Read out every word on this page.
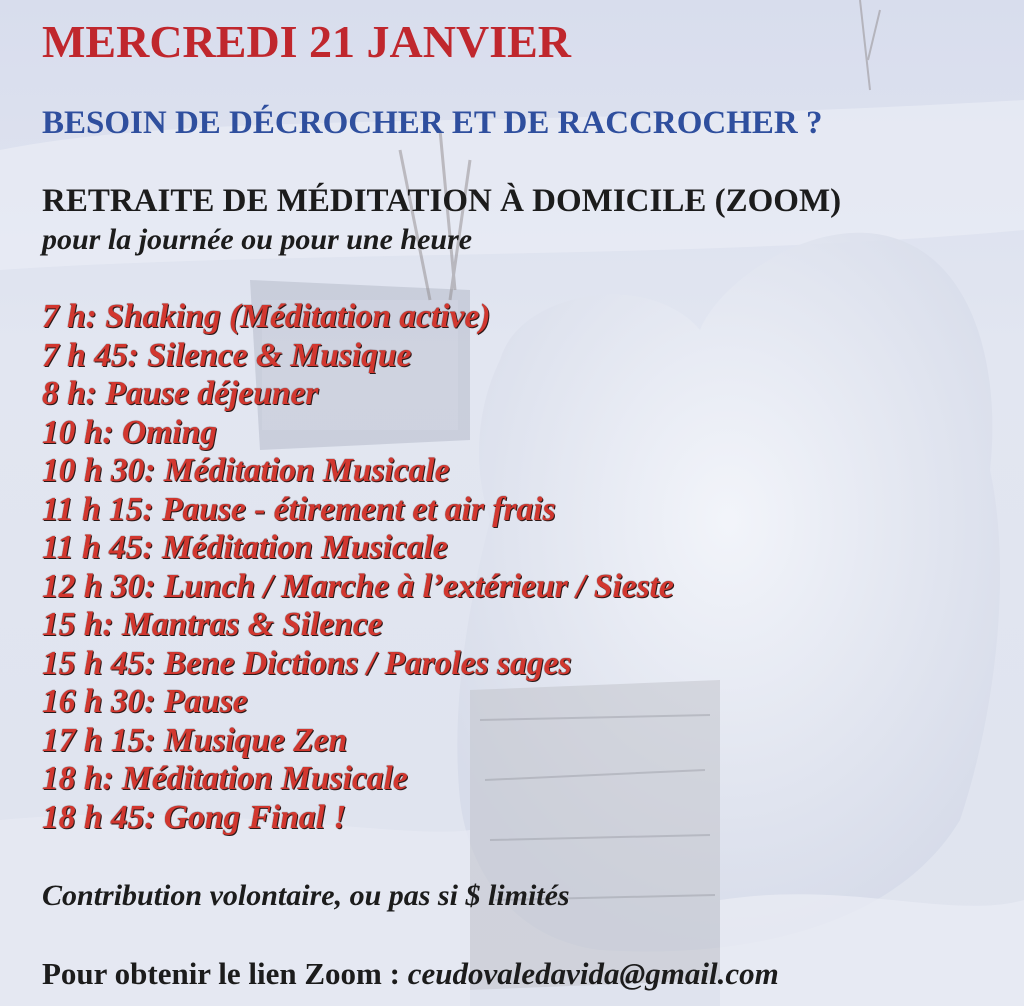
MERCREDI 21 JANVIER
BESOIN DE DÉCROCHER ET DE RACCROCHER ?
RETRAITE DE MÉDITATION À DOMICILE (ZOOM)

pour la journée ou pour une heure

7 h: Shaking (Méditation active)
7 h 45: Silence & Musique
8 h: Pause déjeuner
10 h: Oming
10 h 30: Méditation Musicale
11 h 15: Pause - étirement et air frais
11 h 45: Méditation Musicale
12 h 30: Lunch / Marche à l’extérieur / Sieste
15 h: Mantras & Silence
15 h 45: Bene Dictions / Paroles sages
16 h 30: Pause
17 h 15: Musique Zen
18 h: Méditation Musicale
18 h 45: Gong Final !

Contribution volontaire, ou pas si $ limités

Pour obtenir le lien Zoom : ceudovaledavida@gmail.com
